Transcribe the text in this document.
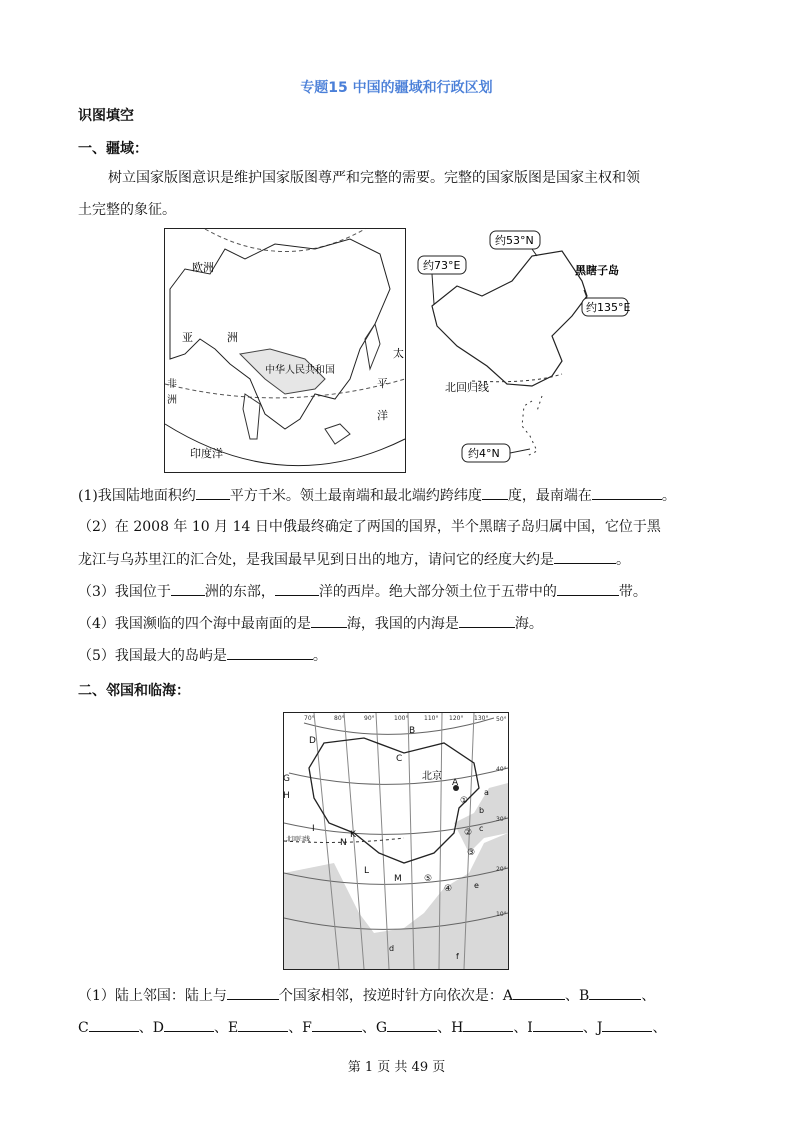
专题15 中国的疆域和行政区划
识图填空
一、疆域：
树立国家版图意识是维护国家版图尊严和完整的需要。完整的国家版图是国家主权和领
土完整的象征。
欧洲
亚	洲
中华人民共和国
太
平
洋
印度洋
非
洲
约73°E
约53°N
黑瞎子岛
约135°E
北回归线
约4°N
(1)我国陆地面积约 平方千米。领土最南端和最北端约跨纬度 度，最南端在	。
（2）在 2008 年 10 月 14 日中俄最终确定了两国的国界，半个黑瞎子岛归属中国，它位于黑
龙江与乌苏里江的汇合处，是我国最早见到日出的地方，请问它的经度大约是	。
（3）我国位于 洲的东部，	洋的西岸。绝大部分领土位于五带中的	带。
（4）我国濒临的四个海中最南面的是	海，我国的内海是	海。
（5）我国最大的岛屿是	。
二、邻国和临海：
北京
北回归线
70°	80°	90°	100°	110° 120° 130° 50°
40°
30°
20°
10°
A
B
C
D
G
H
I
K
L
M
N
a
b
c
d
e
f
①
②
③
④
⑤
（1）陆上邻国：陆上与	个国家相邻，按逆时针方向依次是：A	、B	、
C	、D	、E	、F	、G	、H	、I	、J	、
第 1 页 共 49 页
